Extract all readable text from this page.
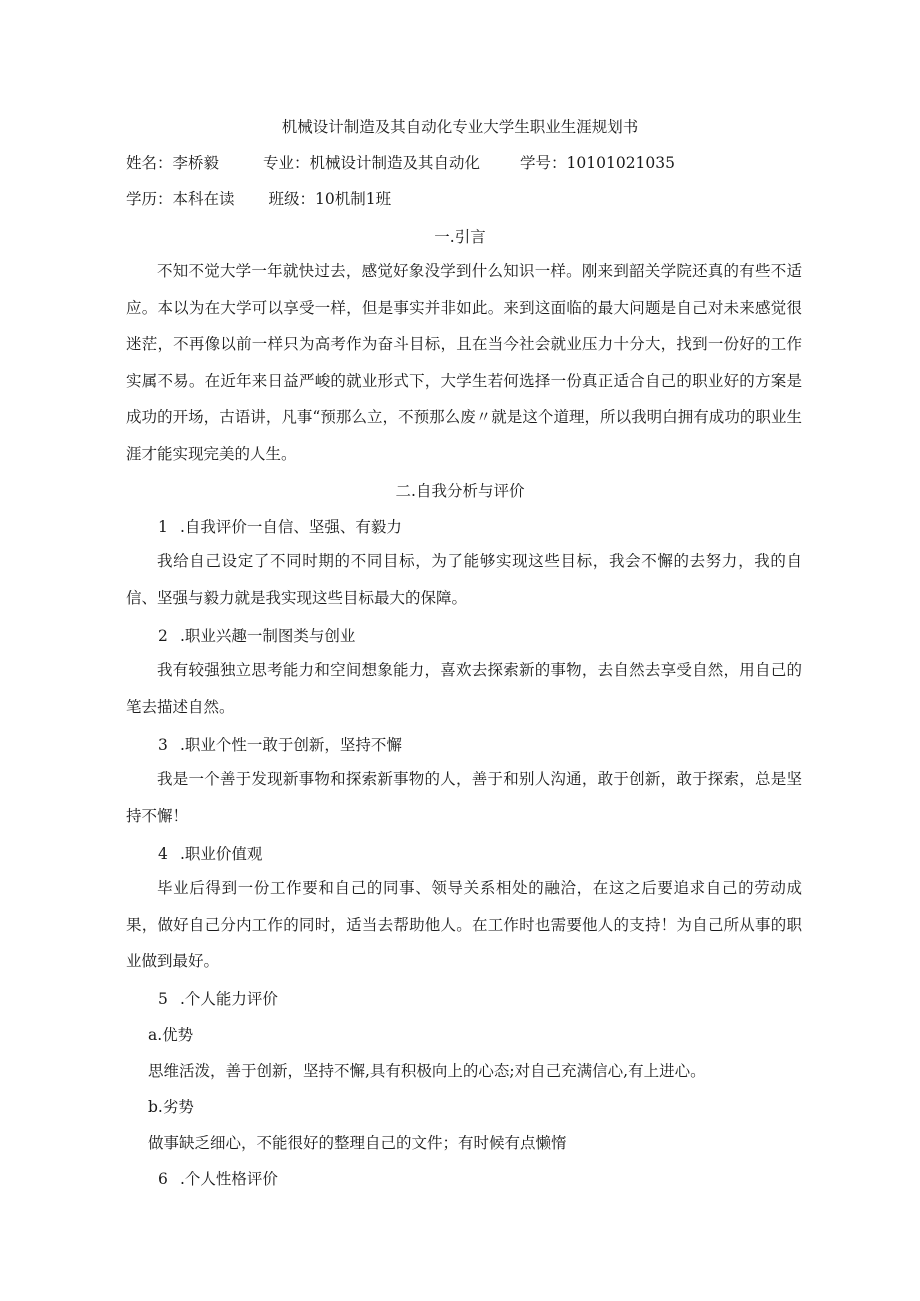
机械设计制造及其自动化专业大学生职业生涯规划书
姓名：李桥毅	专业：机械设计制造及其自动化	学号：10101021035
学历：本科在读 班级：10机制1班
一.引言
不知不觉大学一年就快过去，感觉好象没学到什么知识一样。刚来到韶关学院还真的有些不适应。本以为在大学可以享受一样，但是事实并非如此。来到这面临的最大问题是自己对未来感觉很迷茫，不再像以前一样只为高考作为奋斗目标，且在当今社会就业压力十分大，找到一份好的工作实属不易。在近年来日益严峻的就业形式下，大学生若何选择一份真正适合自己的职业好的方案是成功的开场，古语讲，凡事“预那么立，不预那么废〃就是这个道理，所以我明白拥有成功的职业生涯才能实现完美的人生。
二.自我分析与评价
1 .自我评价一自信、坚强、有毅力
我给自己设定了不同时期的不同目标，为了能够实现这些目标，我会不懈的去努力，我的自信、坚强与毅力就是我实现这些目标最大的保障。
2 .职业兴趣一制图类与创业
我有较强独立思考能力和空间想象能力，喜欢去探索新的事物，去自然去享受自然，用自己的笔去描述自然。
3 .职业个性一敢于创新，坚持不懈
我是一个善于发现新事物和探索新事物的人，善于和别人沟通，敢于创新，敢于探索，总是坚持不懈！
4 .职业价值观
毕业后得到一份工作要和自己的同事、领导关系相处的融洽，在这之后要追求自己的劳动成果，做好自己分内工作的同时，适当去帮助他人。在工作时也需要他人的支持！为自己所从事的职业做到最好。
5 .个人能力评价
a.优势
思维活泼，善于创新，坚持不懈,具有积极向上的心态;对自己充满信心,有上进心。
b.劣势
做事缺乏细心，不能很好的整理自己的文件；有时候有点懒惰
6 .个人性格评价
